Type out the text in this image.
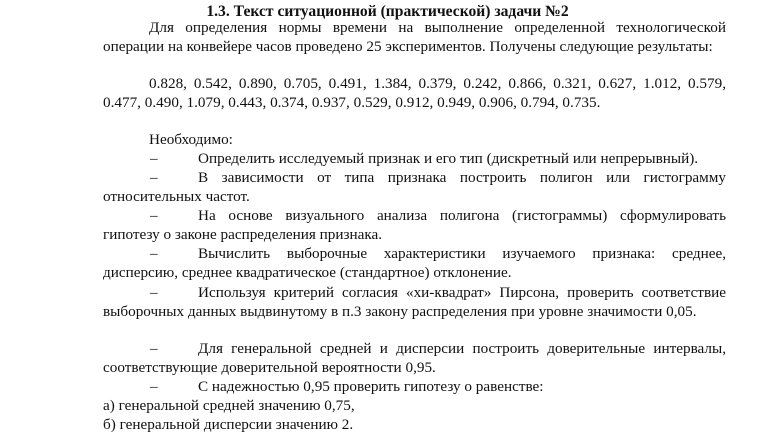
1.3. Текст ситуационной (практической) задачи №2
Для определения нормы времени на выполнение определенной технологической операции на конвейере часов проведено 25 экспериментов. Получены следующие результаты:
0.828, 0.542, 0.890, 0.705, 0.491, 1.384, 0.379, 0.242, 0.866, 0.321, 0.627, 1.012, 0.579, 0.477, 0.490, 1.079, 0.443, 0.374, 0.937, 0.529, 0.912, 0.949, 0.906, 0.794, 0.735.
Необходимо:
–	Определить исследуемый признак и его тип (дискретный или непрерывный).
–	В зависимости от типа признака построить полигон или гистограмму относительных частот.
–	На основе визуального анализа полигона (гистограммы) сформулировать гипотезу о законе распределения признака.
–	Вычислить выборочные характеристики изучаемого признака: среднее, дисперсию, среднее квадратическое (стандартное) отклонение.
–	Используя критерий согласия «хи-квадрат» Пирсона, проверить соответствие выборочных данных выдвинутому в п.3 закону распределения при уровне значимости 0,05.
–	Для генеральной средней и дисперсии построить доверительные интервалы, соответствующие доверительной вероятности 0,95.
–	С надежностью 0,95 проверить гипотезу о равенстве:
а) генеральной средней значению 0,75,
б) генеральной дисперсии значению 2.
